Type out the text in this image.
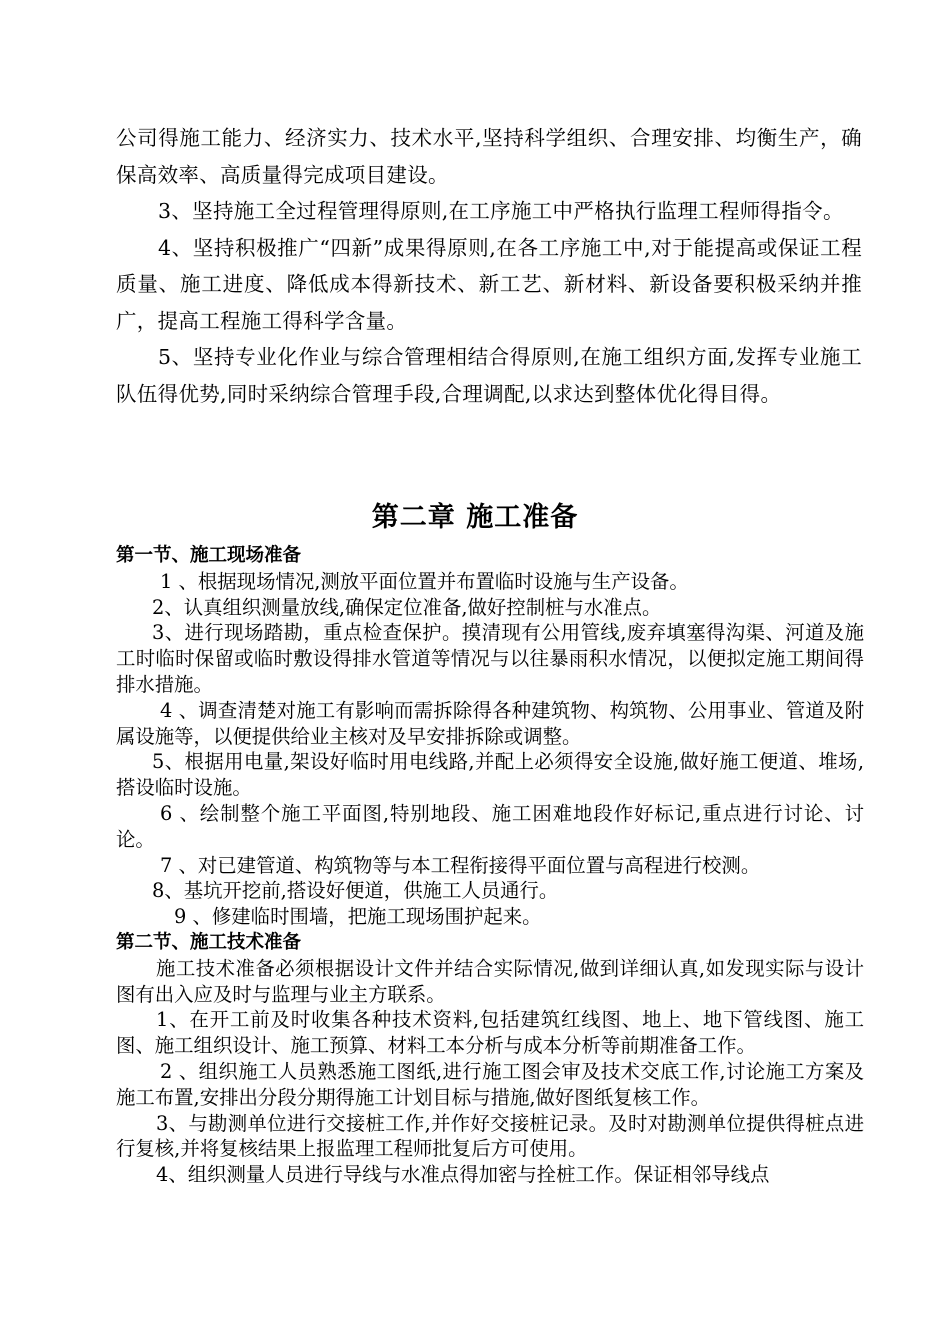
公司得施工能力、经济实力、技术水平,坚持科学组织、合理安排、均衡生产，确保高效率、高质量得完成项目建设。

3、坚持施工全过程管理得原则,在工序施工中严格执行监理工程师得指令。

4、坚持积极推广“四新”成果得原则,在各工序施工中,对于能提高或保证工程质量、施工进度、降低成本得新技术、新工艺、新材料、新设备要积极采纳并推广，提高工程施工得科学含量。

5、坚持专业化作业与综合管理相结合得原则,在施工组织方面,发挥专业施工队伍得优势,同时采纳综合管理手段,合理调配,以求达到整体优化得目得。

第二章 施工准备

第一节、施工现场准备

1 、根据现场情况,测放平面位置并布置临时设施与生产设备。

2、认真组织测量放线,确保定位准备,做好控制桩与水准点。

3、进行现场踏勘，重点检查保护。摸清现有公用管线,废弃填塞得沟渠、河道及施工时临时保留或临时敷设得排水管道等情况与以往暴雨积水情况，以便拟定施工期间得排水措施。

4 、调查清楚对施工有影响而需拆除得各种建筑物、构筑物、公用事业、管道及附属设施等，以便提供给业主核对及早安排拆除或调整。

5、根据用电量,架设好临时用电线路,并配上必须得安全设施,做好施工便道、堆场,搭设临时设施。

6 、绘制整个施工平面图,特别地段、施工困难地段作好标记,重点进行讨论、讨论。

7 、对已建管道、构筑物等与本工程衔接得平面位置与高程进行校测。

8、基坑开挖前,搭设好便道，供施工人员通行。

9 、修建临时围墙，把施工现场围护起来。

第二节、施工技术准备

施工技术准备必须根据设计文件并结合实际情况,做到详细认真,如发现实际与设计图有出入应及时与监理与业主方联系。

1、在开工前及时收集各种技术资料,包括建筑红线图、地上、地下管线图、施工图、施工组织设计、施工预算、材料工本分析与成本分析等前期准备工作。

2 、组织施工人员熟悉施工图纸,进行施工图会审及技术交底工作,讨论施工方案及施工布置,安排出分段分期得施工计划目标与措施,做好图纸复核工作。

3、与勘测单位进行交接桩工作,并作好交接桩记录。及时对勘测单位提供得桩点进行复核,并将复核结果上报监理工程师批复后方可使用。

4、组织测量人员进行导线与水准点得加密与拴桩工作。保证相邻导线点
